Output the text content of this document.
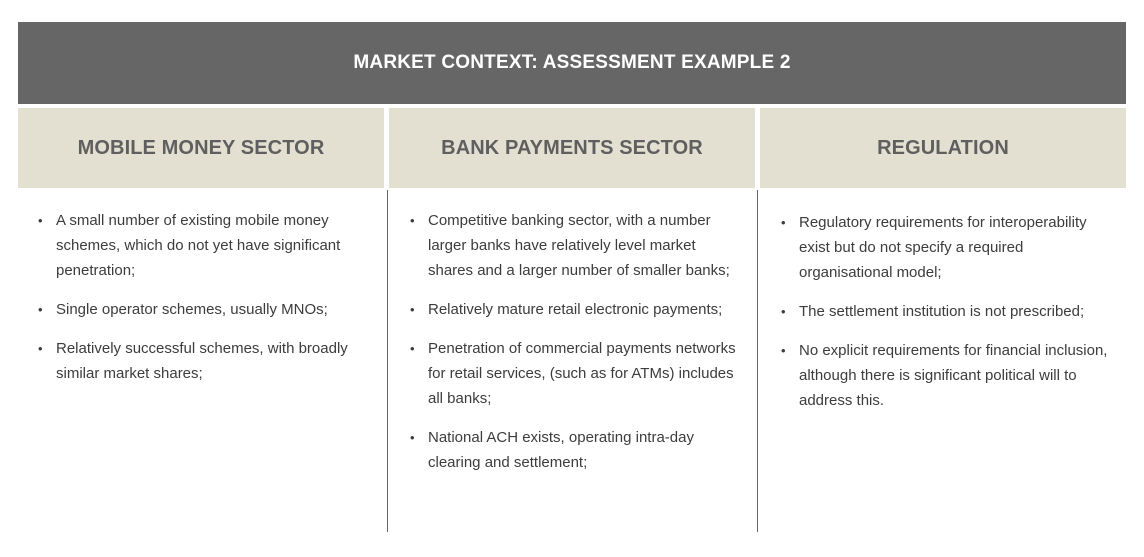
MARKET CONTEXT: ASSESSMENT EXAMPLE 2
MOBILE MONEY SECTOR	BANK PAYMENTS SECTOR	REGULATION
• A small number of existing mobile money schemes, which do not yet have significant penetration;
• Single operator schemes, usually MNOs;
• Relatively successful schemes, with broadly similar market shares;
• Competitive banking sector, with a number larger banks have relatively level market shares and a larger number of smaller banks;
• Relatively mature retail electronic payments;
• Penetration of commercial payments networks for retail services, (such as for ATMs) includes all banks;
• National ACH exists, operating intra-day clearing and settlement;
• Regulatory requirements for interoperability exist but do not specify a required organisational model;
• The settlement institution is not prescribed;
• No explicit requirements for financial inclusion, although there is significant political will to address this.
